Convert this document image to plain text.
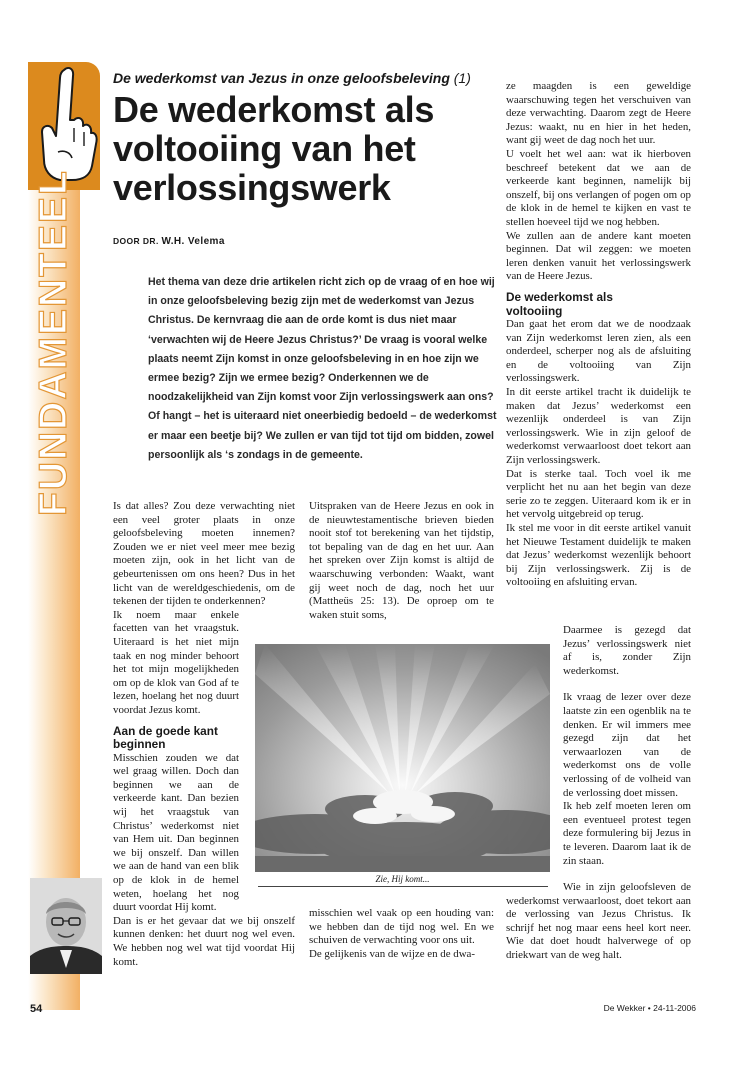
De wederkomst van Jezus in onze geloofsbeleving (1)
De wederkomst als
voltooiing van het
verlossingswerk
DOOR DR. W.H. Velema
Het thema van deze drie artikelen richt zich op de vraag of en hoe wij in onze geloofsbeleving bezig zijn met de wederkomst van Jezus Christus. De kernvraag die aan de orde komt is dus niet maar ‘verwachten wij de Heere Jezus Christus?’ De vraag is vooral welke plaats neemt Zijn komst in onze geloofsbeleving in en hoe zijn we ermee bezig? Zijn we ermee bezig? Onderkennen we de noodzakelijkheid van Zijn komst voor Zijn verlossingswerk aan ons? Of hangt – het is uiteraard niet oneerbiedig bedoeld – de wederkomst er maar een beetje bij? We zullen er van tijd tot tijd om bidden, zowel persoonlijk als ‘s zondags in de gemeente.

Is dat alles? Zou deze verwachting niet een veel groter plaats in onze geloofsbeleving moeten innemen? Zouden we er niet veel meer mee bezig moeten zijn, ook in het licht van de gebeurtenissen om ons heen? Dus in het licht van de wereldgeschiedenis, om de tekenen der tijden te onderkennen?

Ik noem maar enkele facetten van het vraagstuk. Uiteraard is het niet mijn taak en nog minder behoort het tot mijn mogelijkheden om op de klok van God af te lezen, hoelang het nog duurt voordat Jezus komt.

Aan de goede kant beginnen

Misschien zouden we dat wel graag willen. Doch dan beginnen we aan de verkeerde kant. Dan bezien wij het vraagstuk van Christus’ wederkomst niet van Hem uit. Dan beginnen we bij onszelf. Dan willen we aan de hand van een blik op de klok in de hemel weten, hoelang het nog duurt voordat Hij komt.

Dan is er het gevaar dat we bij onszelf kunnen denken: het duurt nog wel even. We hebben nog wel wat tijd voordat Hij komt.

Uitspraken van de Heere Jezus en ook in de nieuwtestamentische brieven bieden nooit stof tot berekening van het tijdstip, tot bepaling van de dag en het uur. Aan het spreken over Zijn komst is altijd de waarschuwing verbonden: Waakt, want gij weet noch de dag, noch het uur (Mattheüs 25: 13). De oproep om te waken stuit soms,

misschien wel vaak op een houding van: we hebben dan de tijd nog wel. En we schuiven de verwachting voor ons uit.

De gelijkenis van de wijze en de dwa-

ze maagden is een geweldige waarschuwing tegen het verschuiven van deze verwachting. Daarom zegt de Heere Jezus: waakt, nu en hier in het heden, want gij weet de dag noch het uur.

U voelt het wel aan: wat ik hierboven beschreef betekent dat we aan de verkeerde kant beginnen, namelijk bij onszelf, bij ons verlangen of pogen om op de klok in de hemel te kijken en vast te stellen hoeveel tijd we nog hebben.

We zullen aan de andere kant moeten beginnen. Dat wil zeggen: we moeten leren denken vanuit het verlossingswerk van de Heere Jezus.

De wederkomst als voltooiing

Dan gaat het erom dat we de noodzaak van Zijn wederkomst leren zien, als een onderdeel, scherper nog als de afsluiting en de voltooiing van Zijn verlossingswerk.

In dit eerste artikel tracht ik duidelijk te maken dat Jezus’ wederkomst een wezenlijk onderdeel is van Zijn verlossingswerk. Wie in zijn geloof de wederkomst verwaarloost doet tekort aan Zijn verlossingswerk.

Dat is sterke taal. Toch voel ik me verplicht het nu aan het begin van deze serie zo te zeggen. Uiteraard kom ik er in het vervolg uitgebreid op terug.

Ik stel me voor in dit eerste artikel vanuit het Nieuwe Testament duidelijk te maken dat Jezus’ wederkomst wezenlijk behoort bij Zijn verlossingswerk. Zij is de voltooiing en afsluiting ervan.

Daarmee is gezegd dat Jezus’ verlossingswerk niet af is, zonder Zijn wederkomst.

Ik vraag de lezer over deze laatste zin een ogenblik na te denken. Er wil immers mee gezegd zijn dat het verwaarlozen van de wederkomst ons de volle verlossing of de volheid van de verlossing doet missen.

Ik heb zelf moeten leren om een eventueel protest tegen deze formulering bij Jezus in te leveren. Daarom laat ik de zin staan.

Wie in zijn geloofsleven de wederkomst verwaarloost, doet tekort aan de verlossing van Jezus Christus. Ik schrijf het nog maar eens heel kort neer. Wie dat doet houdt halverwege of op driekwart van de weg halt.

Zie, Hij komt...
54	De Wekker • 24-11-2006
